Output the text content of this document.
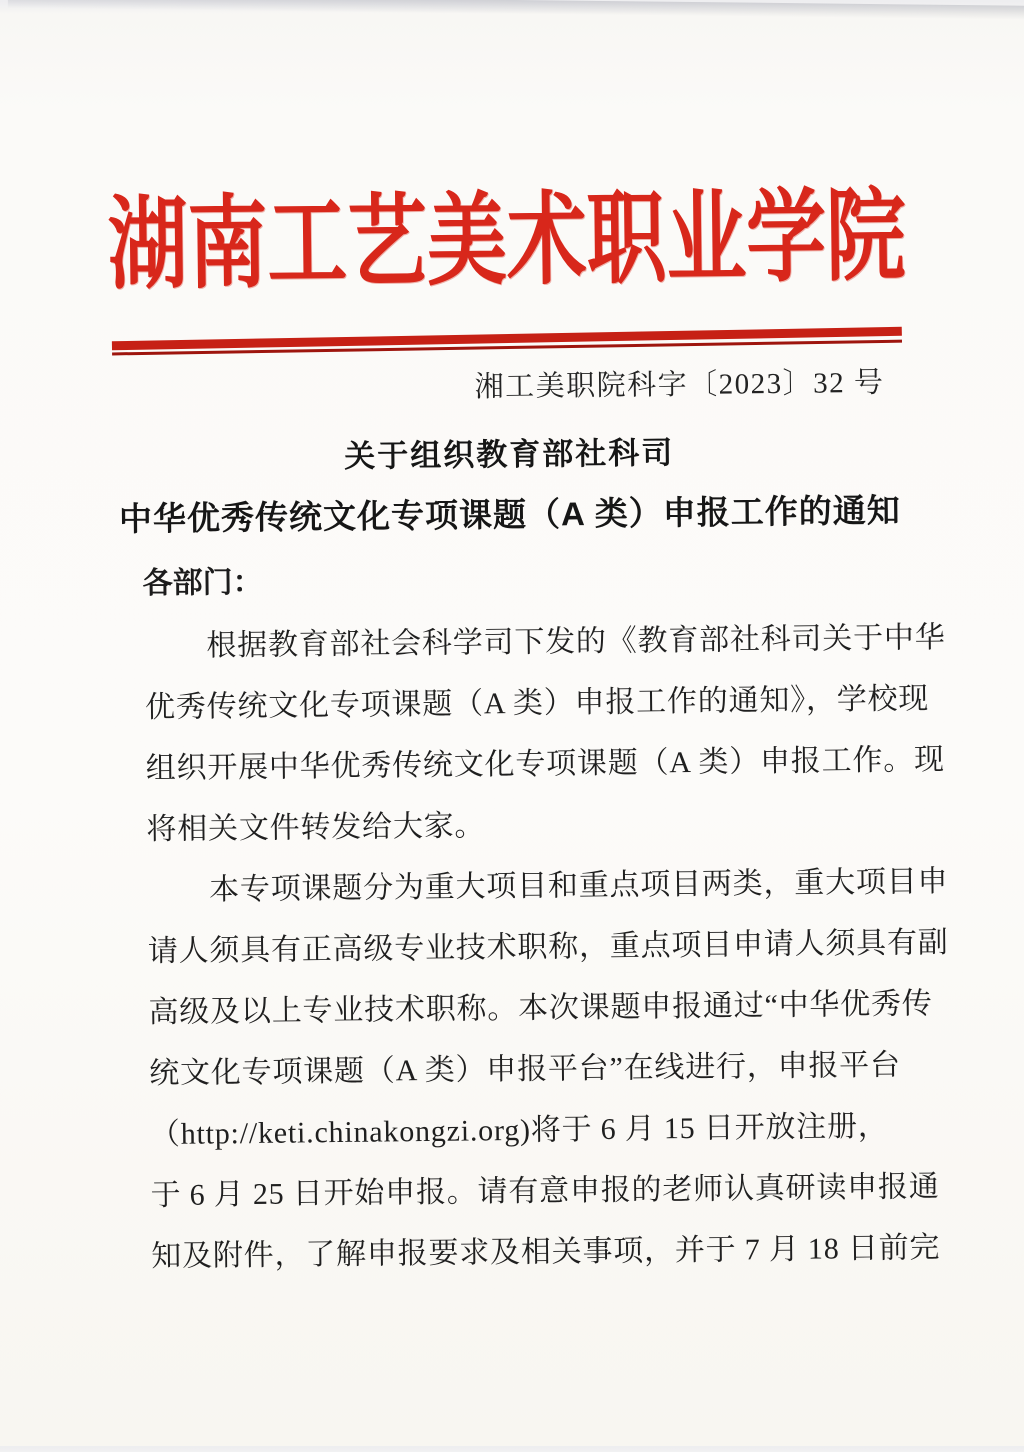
湖南工艺美术职业学院
湘工美职院科字〔2023〕32 号
关于组织教育部社科司
中华优秀传统文化专项课题（A 类）申报工作的通知
各部门：
根据教育部社会科学司下发的《教育部社科司关于中华
优秀传统文化专项课题（A 类）申报工作的通知》，学校现
组织开展中华优秀传统文化专项课题（A 类）申报工作。现
将相关文件转发给大家。
本专项课题分为重大项目和重点项目两类，重大项目申
请人须具有正高级专业技术职称，重点项目申请人须具有副
高级及以上专业技术职称。本次课题申报通过“中华优秀传
统文化专项课题（A 类）申报平台”在线进行，申报平台
（http://keti.chinakongzi.org)将于 6 月 15 日开放注册，
于 6 月 25 日开始申报。请有意申报的老师认真研读申报通
知及附件，了解申报要求及相关事项，并于 7 月 18 日前完
